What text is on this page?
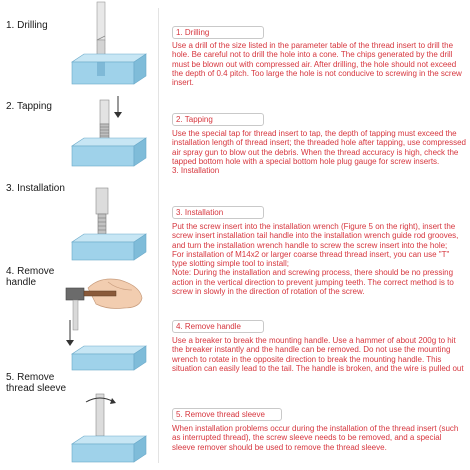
1. Drilling
2. Tapping
3. Installation
4. Remove
handle
5. Remove
thread sleeve
1. Drilling
Use a drill of the size listed in the parameter table of the thread insert to drill the hole. Be careful not to drill the hole into a cone. The chips generated by the drill must be blown out with compressed air. After drilling, the hole should not exceed the depth of 0.4 pitch. Too large the hole is not conducive to screwing in the screw insert.
2. Tapping
Use the special tap for thread insert to tap, the depth of tapping must exceed the installation length of thread insert; the threaded hole after tapping, use compressed air spray gun to blow out the debris. When the thread accuracy is high, check the tapped bottom hole with a special bottom hole plug gauge for screw inserts.
3. Installation
3. Installation
Put the screw insert into the installation wrench (Figure 5 on the right), insert the screw insert installation tail handle into the installation wrench guide rod grooves, and turn the installation wrench handle to screw the screw insert into the hole;
For installation of M14x2 or larger coarse thread thread insert, you can use "T" type slotting simple tool to install;
Note: During the installation and screwing process, there should be no pressing action in the vertical direction to prevent jumping teeth. The correct method is to screw in slowly in the direction of rotation of the screw.
4. Remove handle
Use a breaker to break the mounting handle. Use a hammer of about 200g to hit the breaker instantly and the handle can be removed. Do not use the mounting wrench to rotate in the opposite direction to break the mounting handle. This situation can easily lead to the tail. The handle is broken, and the wire is pulled out
5. Remove thread sleeve
When installation problems occur during the installation of the thread insert (such as interrupted thread), the screw sleeve needs to be removed, and a special sleeve remover should be used to remove the thread sleeve.
